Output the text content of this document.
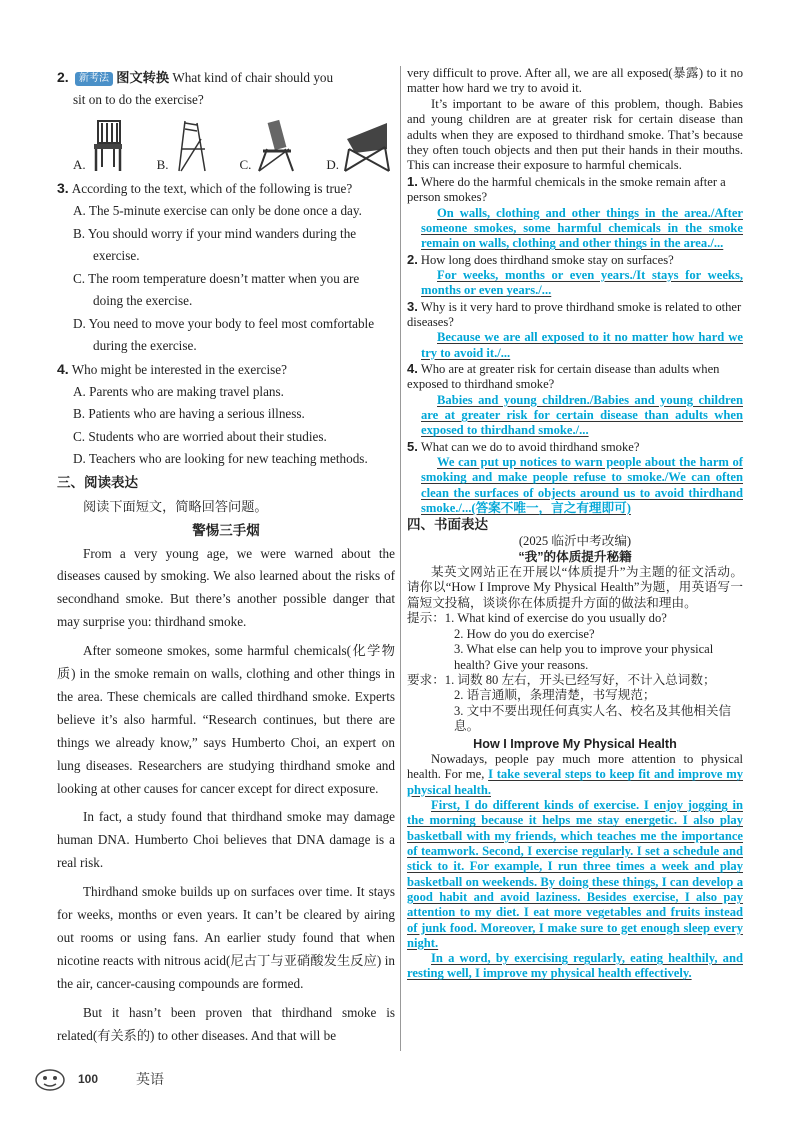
2. 新考法 图文转换 What kind of chair should you

sit on to do the exercise?

A.	B.	C.	D.

3. According to the text, which of the following is true?

A. The 5-minute exercise can only be done once a day.

B. You should worry if your mind wanders during the

exercise.

C. The room temperature doesn’t matter when you are

doing the exercise.

D. You need to move your body to feel most comfortable

during the exercise.

4. Who might be interested in the exercise?

A. Parents who are making travel plans.

B. Patients who are having a serious illness.

C. Students who are worried about their studies.

D. Teachers who are looking for new teaching methods.

三、阅读表达

阅读下面短文，简略回答问题。

警惕三手烟

From a very young age, we were warned about the diseases caused by smoking. We also learned about the risks of secondhand smoke. But there’s another possible danger that may surprise you: thirdhand smoke.

After someone smokes, some harmful chemicals(化学物质) in the smoke remain on walls, clothing and other things in the area. These chemicals are called thirdhand smoke. Experts believe it’s also harmful. “Research continues, but there are things we already know,” says Humberto Choi, an expert on lung diseases. Researchers are studying thirdhand smoke and looking at other causes for cancer except for direct exposure.

In fact, a study found that thirdhand smoke may damage human DNA. Humberto Choi believes that DNA damage is a real risk.

Thirdhand smoke builds up on surfaces over time. It stays for weeks, months or even years. It can’t be cleared by airing out rooms or using fans. An earlier study found that when nicotine reacts with nitrous acid(尼古丁与亚硝酸发生反应) in the air, cancer-causing compounds are formed.

But it hasn’t been proven that thirdhand smoke is related(有关系的) to other diseases. And that will be

very difficult to prove. After all, we are all exposed(暴露) to it no matter how hard we try to avoid it.

It’s important to be aware of this problem, though. Babies and young children are at greater risk for certain disease than adults when they are exposed to thirdhand smoke. That’s because they often touch objects and then put their hands in their mouths. This can increase their exposure to harmful chemicals.

1. Where do the harmful chemicals in the smoke remain after a person smokes?

On walls, clothing and other things in the area./After someone smokes, some harmful chemicals in the smoke remain on walls, clothing and other things in the area./...

2. How long does thirdhand smoke stay on surfaces?

For weeks, months or even years./It stays for weeks, months or even years./...

3. Why is it very hard to prove thirdhand smoke is related to other diseases?

Because we are all exposed to it no matter how hard we try to avoid it./...

4. Who are at greater risk for certain disease than adults when exposed to thirdhand smoke?

Babies and young children./Babies and young children are at greater risk for certain disease than adults when exposed to thirdhand smoke./...

5. What can we do to avoid thirdhand smoke?

We can put up notices to warn people about the harm of smoking and make people refuse to smoke./We can often clean the surfaces of objects around us to avoid thirdhand smoke./...(答案不唯一，言之有理即可)

四、书面表达

(2025 临沂中考改编)

“我”的体质提升秘籍

某英文网站正在开展以“体质提升”为主题的征文活动。请你以“How I Improve My Physical Health”为题，用英语写一篇短文投稿，谈谈你在体质提升方面的做法和理由。

提示：1. What kind of exercise do you usually do?

2. How do you do exercise?

3. What else can help you to improve your physical health? Give your reasons.

要求：1. 词数 80 左右，开头已经写好，不计入总词数；

2. 语言通顺，条理清楚，书写规范；

3. 文中不要出现任何真实人名、校名及其他相关信息。

How I Improve My Physical Health

Nowadays, people pay much more attention to physical health. For me, I take several steps to keep fit and improve my physical health.

First, I do different kinds of exercise. I enjoy jogging in the morning because it helps me stay energetic. I also play basketball with my friends, which teaches me the importance of teamwork. Second, I exercise regularly. I set a schedule and stick to it. For example, I run three times a week and play basketball on weekends. By doing these things, I can develop a good habit and avoid laziness. Besides exercise, I also pay attention to my diet. I eat more vegetables and fruits instead of junk food. Moreover, I make sure to get enough sleep every night.

In a word, by exercising regularly, eating healthily, and resting well, I improve my physical health effectively.

100	英语
